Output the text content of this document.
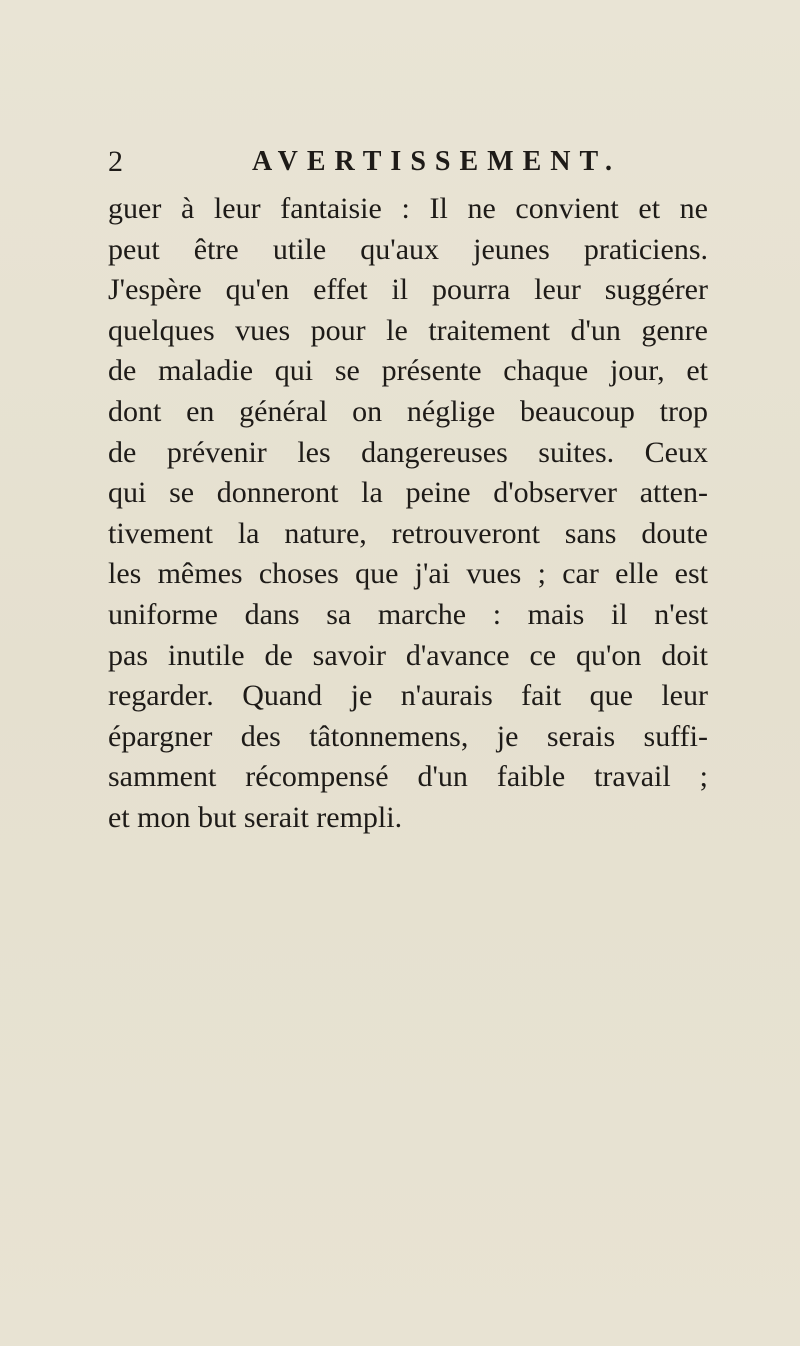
2	AVERTISSEMENT.
guer à leur fantaisie : Il ne convient et ne
peut être utile qu'aux jeunes praticiens.
J'espère qu'en effet il pourra leur suggérer
quelques vues pour le traitement d'un genre
de maladie qui se présente chaque jour, et
dont en général on néglige beaucoup trop
de prévenir les dangereuses suites. Ceux
qui se donneront la peine d'observer atten-
tivement la nature, retrouveront sans doute
les mêmes choses que j'ai vues ; car elle est
uniforme dans sa marche : mais il n'est
pas inutile de savoir d'avance ce qu'on doit
regarder. Quand je n'aurais fait que leur
épargner des tâtonnemens, je serais suffi-
samment récompensé d'un faible travail ;
et mon but serait rempli.
